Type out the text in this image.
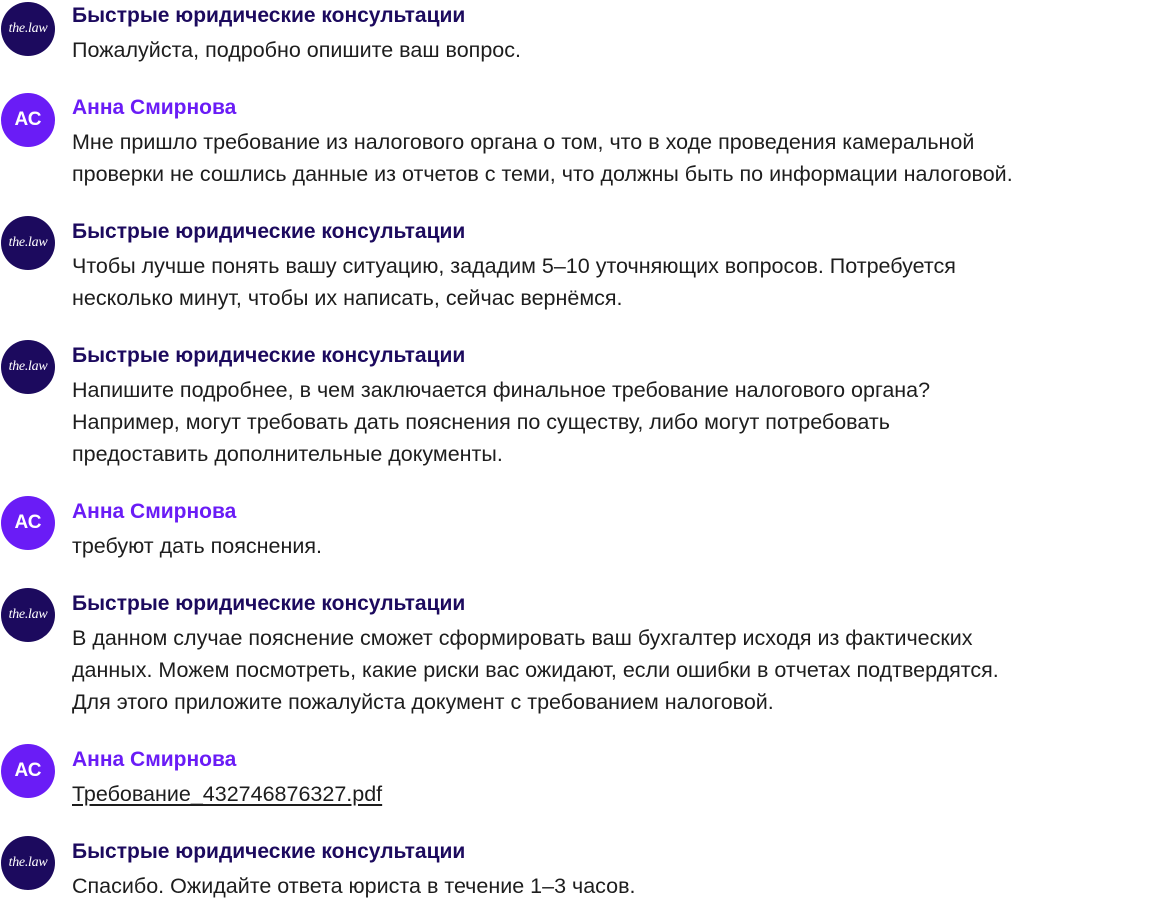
the.law
Быстрые юридические консультации

Пожалуйста, подробно опишите ваш вопрос.

АС
Анна Смирнова

Мне пришло требование из налогового органа о том, что в ходе проведения камеральной

проверки не сошлись данные из отчетов с теми, что должны быть по информации налоговой.

the.law	Быстрые юридические консультации

Чтобы лучше понять вашу ситуацию, зададим 5–10 уточняющих вопросов. Потребуется

несколько минут, чтобы их написать, сейчас вернёмся.

the.law	Быстрые юридические консультации

Напишите подробнее, в чем заключается финальное требование налогового органа?

Например, могут требовать дать пояснения по существу, либо могут потребовать

предоставить дополнительные документы.

АС	Анна Смирнова

требуют дать пояснения.

the.law	Быстрые юридические консультации

В данном случае пояснение сможет сформировать ваш бухгалтер исходя из фактических

данных. Можем посмотреть, какие риски вас ожидают, если ошибки в отчетах подтвердятся.

Для этого приложите пожалуйста документ с требованием налоговой.

АС	Анна Смирнова

Требование_432746876327.pdf

the.law	Быстрые юридические консультации

Спасибо. Ожидайте ответа юриста в течение 1–3 часов.
